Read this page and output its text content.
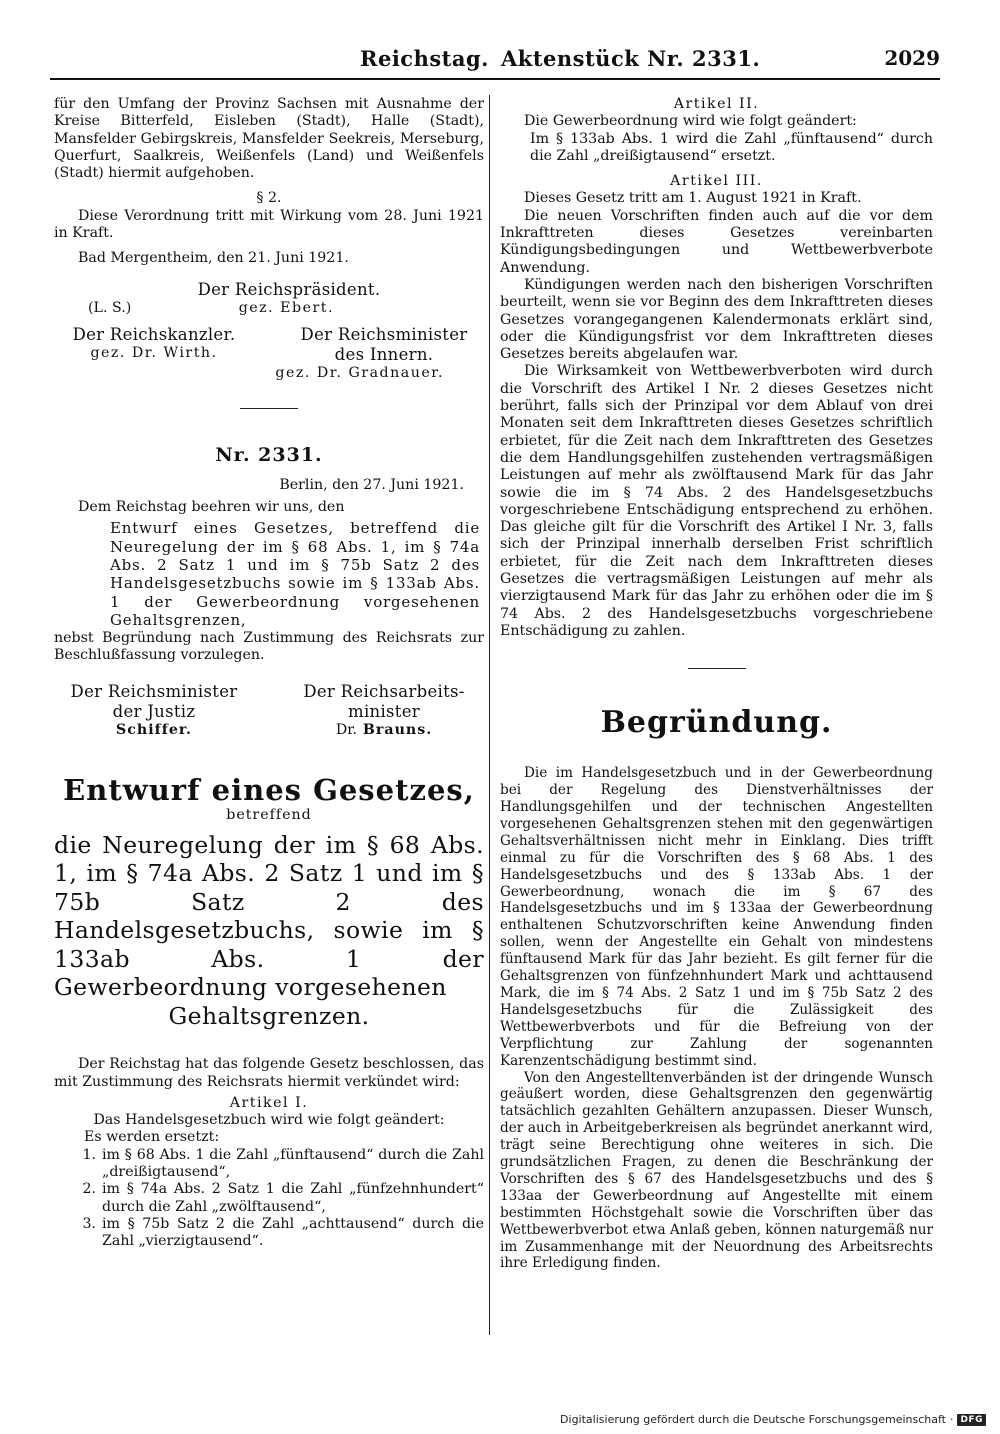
Reichstag. Aktenstück Nr. 2331.	2029

für den Umfang der Provinz Sachsen mit Ausnahme der Kreise Bitterfeld, Eisleben (Stadt), Halle (Stadt), Mansfelder Gebirgskreis, Mansfelder Seekreis, Merseburg, Querfurt, Saalkreis, Weißenfels (Land) und Weißenfels (Stadt) hiermit aufgehoben.

§ 2.

Diese Verordnung tritt mit Wirkung vom 28. Juni 1921 in Kraft.

Bad Mergentheim, den 21. Juni 1921.

Der Reichspräsident.
(L. S.)	gez. Ebert.
Der Reichskanzler.
gez. Dr. Wirth.
Der Reichsminister
des Innern.
gez. Dr. Gradnauer.
Nr. 2331.

Berlin, den 27. Juni 1921.

Dem Reichstag beehren wir uns, den

Entwurf eines Gesetzes, betreffend die Neuregelung der im § 68 Abs. 1, im § 74a Abs. 2 Satz 1 und im § 75b Satz 2 des Handelsgesetzbuchs sowie im § 133ab Abs. 1 der Gewerbeordnung vorgesehenen Gehaltsgrenzen,

nebst Begründung nach Zustimmung des Reichsrats zur Beschlußfassung vorzulegen.

Der Reichsminister
der Justiz
Schiffer.
Der Reichsarbeits-
minister
Dr. Brauns.
Entwurf eines Gesetzes,
betreffend

die Neuregelung der im § 68 Abs. 1, im § 74a Abs. 2 Satz 1 und im § 75b Satz 2 des Handelsgesetzbuchs, sowie im § 133ab Abs. 1 der Gewerbeordnung vorgesehenen

Gehaltsgrenzen.

Der Reichstag hat das folgende Gesetz beschlossen, das mit Zustimmung des Reichsrats hiermit verkündet wird:

Artikel I.

Das Handelsgesetzbuch wird wie folgt geändert:

Es werden ersetzt:

1. im § 68 Abs. 1 die Zahl „fünftausend“ durch die Zahl „dreißigtausend“,
2. im § 74a Abs. 2 Satz 1 die Zahl „fünfzehnhundert“ durch die Zahl „zwölftausend“,
3. im § 75b Satz 2 die Zahl „achttausend“ durch die Zahl „vierzigtausend“.

Artikel II.

Die Gewerbeordnung wird wie folgt geändert:

Im § 133ab Abs. 1 wird die Zahl „fünftausend“ durch die Zahl „dreißigtausend“ ersetzt.

Artikel III.

Dieses Gesetz tritt am 1. August 1921 in Kraft.

Die neuen Vorschriften finden auch auf die vor dem Inkrafttreten dieses Gesetzes vereinbarten Kündigungsbedingungen und Wettbewerbverbote Anwendung.

Kündigungen werden nach den bisherigen Vorschriften beurteilt, wenn sie vor Beginn des dem Inkrafttreten dieses Gesetzes vorangegangenen Kalendermonats erklärt sind, oder die Kündigungsfrist vor dem Inkrafttreten dieses Gesetzes bereits abgelaufen war.

Die Wirksamkeit von Wettbewerbverboten wird durch die Vorschrift des Artikel I Nr. 2 dieses Gesetzes nicht berührt, falls sich der Prinzipal vor dem Ablauf von drei Monaten seit dem Inkrafttreten dieses Gesetzes schriftlich erbietet, für die Zeit nach dem Inkrafttreten des Gesetzes die dem Handlungsgehilfen zustehenden vertragsmäßigen Leistungen auf mehr als zwölftausend Mark für das Jahr sowie die im § 74 Abs. 2 des Handelsgesetzbuchs vorgeschriebene Entschädigung entsprechend zu erhöhen. Das gleiche gilt für die Vorschrift des Artikel I Nr. 3, falls sich der Prinzipal innerhalb derselben Frist schriftlich erbietet, für die Zeit nach dem Inkrafttreten dieses Gesetzes die vertragsmäßigen Leistungen auf mehr als vierzigtausend Mark für das Jahr zu erhöhen oder die im § 74 Abs. 2 des Handelsgesetzbuchs vorgeschriebene Entschädigung zu zahlen.

Begründung.

Die im Handelsgesetzbuch und in der Gewerbeordnung bei der Regelung des Dienstverhältnisses der Handlungsgehilfen und der technischen Angestellten vorgesehenen Gehaltsgrenzen stehen mit den gegenwärtigen Gehaltsverhältnissen nicht mehr in Einklang. Dies trifft einmal zu für die Vorschriften des § 68 Abs. 1 des Handelsgesetzbuchs und des § 133ab Abs. 1 der Gewerbeordnung, wonach die im § 67 des Handelsgesetzbuchs und im § 133aa der Gewerbeordnung enthaltenen Schutzvorschriften keine Anwendung finden sollen, wenn der Angestellte ein Gehalt von mindestens fünftausend Mark für das Jahr bezieht. Es gilt ferner für die Gehaltsgrenzen von fünfzehnhundert Mark und achttausend Mark, die im § 74 Abs. 2 Satz 1 und im § 75b Satz 2 des Handelsgesetzbuchs für die Zulässigkeit des Wettbewerbverbots und für die Befreiung von der Verpflichtung zur Zahlung der sogenannten Karenzentschädigung bestimmt sind.

Von den Angestelltenverbänden ist der dringende Wunsch geäußert worden, diese Gehaltsgrenzen den gegenwärtig tatsächlich gezahlten Gehältern anzupassen. Dieser Wunsch, der auch in Arbeitgeberkreisen als begründet anerkannt wird, trägt seine Berechtigung ohne weiteres in sich. Die grundsätzlichen Fragen, zu denen die Beschränkung der Vorschriften des § 67 des Handelsgesetzbuchs und des § 133aa der Gewerbeordnung auf Angestellte mit einem bestimmten Höchstgehalt sowie die Vorschriften über das Wettbewerbverbot etwa Anlaß geben, können naturgemäß nur im Zusammenhange mit der Neuordnung des Arbeitsrechts ihre Erledigung finden.

Digitalisierung gefördert durch die Deutsche Forschungsgemeinschaft · DFG
